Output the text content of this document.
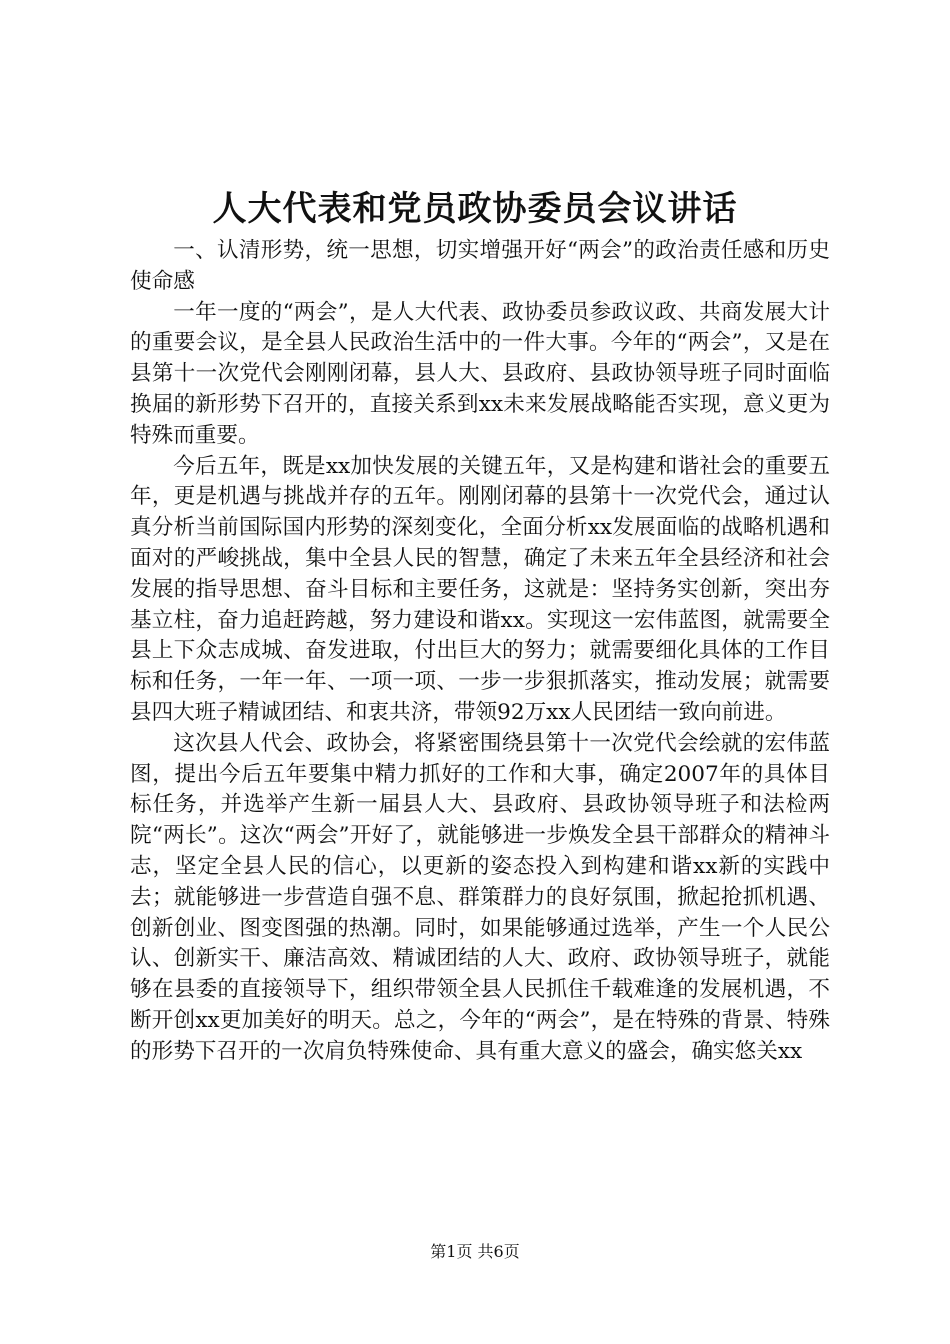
人大代表和党员政协委员会议讲话

一、认清形势，统一思想，切实增强开好“两会”的政治责任感和历史使命感

一年一度的“两会”，是人大代表、政协委员参政议政、共商发展大计的重要会议，是全县人民政治生活中的一件大事。今年的“两会”，又是在县第十一次党代会刚刚闭幕，县人大、县政府、县政协领导班子同时面临换届的新形势下召开的，直接关系到xx未来发展战略能否实现，意义更为特殊而重要。

今后五年，既是xx加快发展的关键五年，又是构建和谐社会的重要五年，更是机遇与挑战并存的五年。刚刚闭幕的县第十一次党代会，通过认真分析当前国际国内形势的深刻变化，全面分析xx发展面临的战略机遇和面对的严峻挑战，集中全县人民的智慧，确定了未来五年全县经济和社会发展的指导思想、奋斗目标和主要任务，这就是：坚持务实创新，突出夯基立柱，奋力追赶跨越，努力建设和谐xx。实现这一宏伟蓝图，就需要全县上下众志成城、奋发进取，付出巨大的努力；就需要细化具体的工作目标和任务，一年一年、一项一项、一步一步狠抓落实，推动发展；就需要县四大班子精诚团结、和衷共济，带领92万xx人民团结一致向前进。

这次县人代会、政协会，将紧密围绕县第十一次党代会绘就的宏伟蓝图，提出今后五年要集中精力抓好的工作和大事，确定2007年的具体目标任务，并选举产生新一届县人大、县政府、县政协领导班子和法检两院“两长”。这次“两会”开好了，就能够进一步焕发全县干部群众的精神斗志，坚定全县人民的信心，以更新的姿态投入到构建和谐xx新的实践中去；就能够进一步营造自强不息、群策群力的良好氛围，掀起抢抓机遇、创新创业、图变图强的热潮。同时，如果能够通过选举，产生一个人民公认、创新实干、廉洁高效、精诚团结的人大、政府、政协领导班子，就能够在县委的直接领导下，组织带领全县人民抓住千载难逢的发展机遇，不断开创xx更加美好的明天。总之，今年的“两会”，是在特殊的背景、特殊的形势下召开的一次肩负特殊使命、具有重大意义的盛会，确实悠关xx

第1页 共6页
